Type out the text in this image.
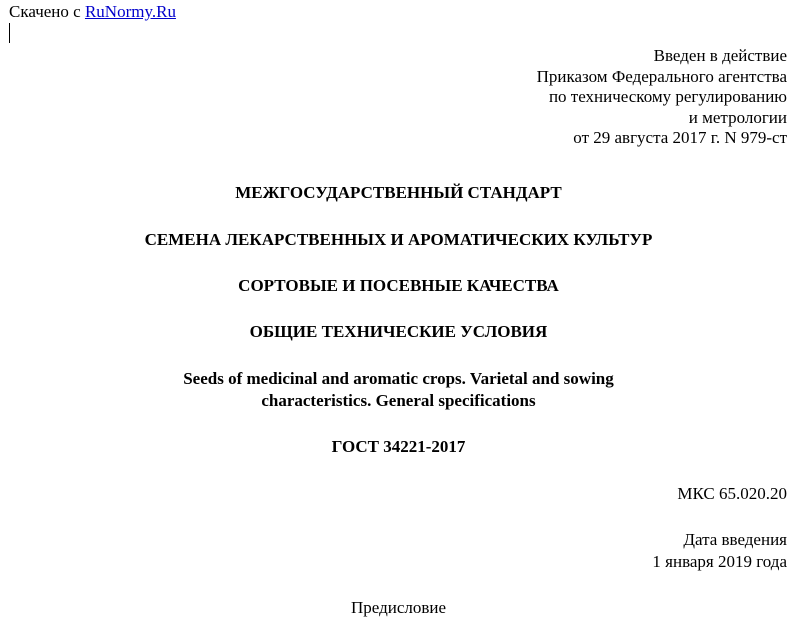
Скачено с RuNormy.Ru
Введен в действие
Приказом Федерального агентства
по техническому регулированию
и метрологии
от 29 августа 2017 г. N 979-ст
МЕЖГОСУДАРСТВЕННЫЙ СТАНДАРТ
СЕМЕНА ЛЕКАРСТВЕННЫХ И АРОМАТИЧЕСКИХ КУЛЬТУР
СОРТОВЫЕ И ПОСЕВНЫЕ КАЧЕСТВА
ОБЩИЕ ТЕХНИЧЕСКИЕ УСЛОВИЯ
Seeds of medicinal and aromatic crops. Varietal and sowing
characteristics. General specifications
ГОСТ 34221-2017
МКС 65.020.20
Дата введения
1 января 2019 года
Предисловие
